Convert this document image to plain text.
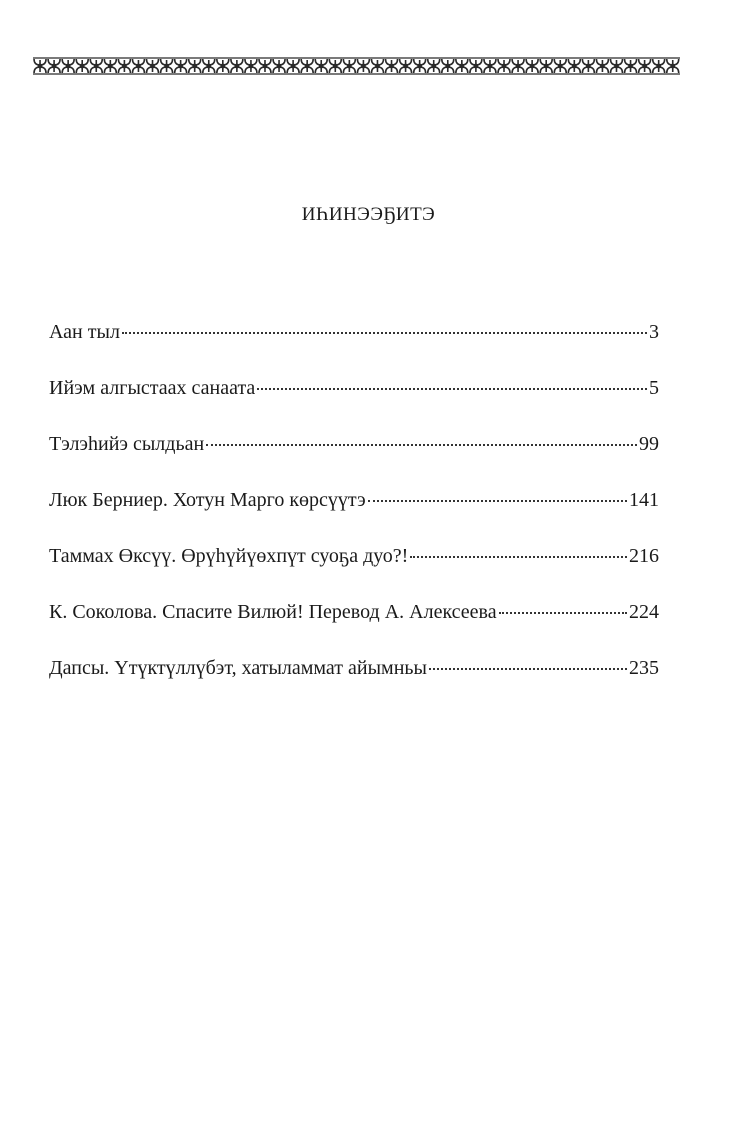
ИҺИНЭЭҔИТЭ
Аан тыл	3
Ийэм алгыстаах санаата	5
Тэлэһийэ сылдьан	99
Люк Берниер. Хотун Марго көрсүүтэ	141
Таммах Өксүү. Өрүһүйүөхпүт суоҕа дуо?!	216
К. Соколова. Спасите Вилюй! Перевод А. Алексеева	224
Дапсы. Үтүктүллүбэт, хатыламмат айымньы	235
